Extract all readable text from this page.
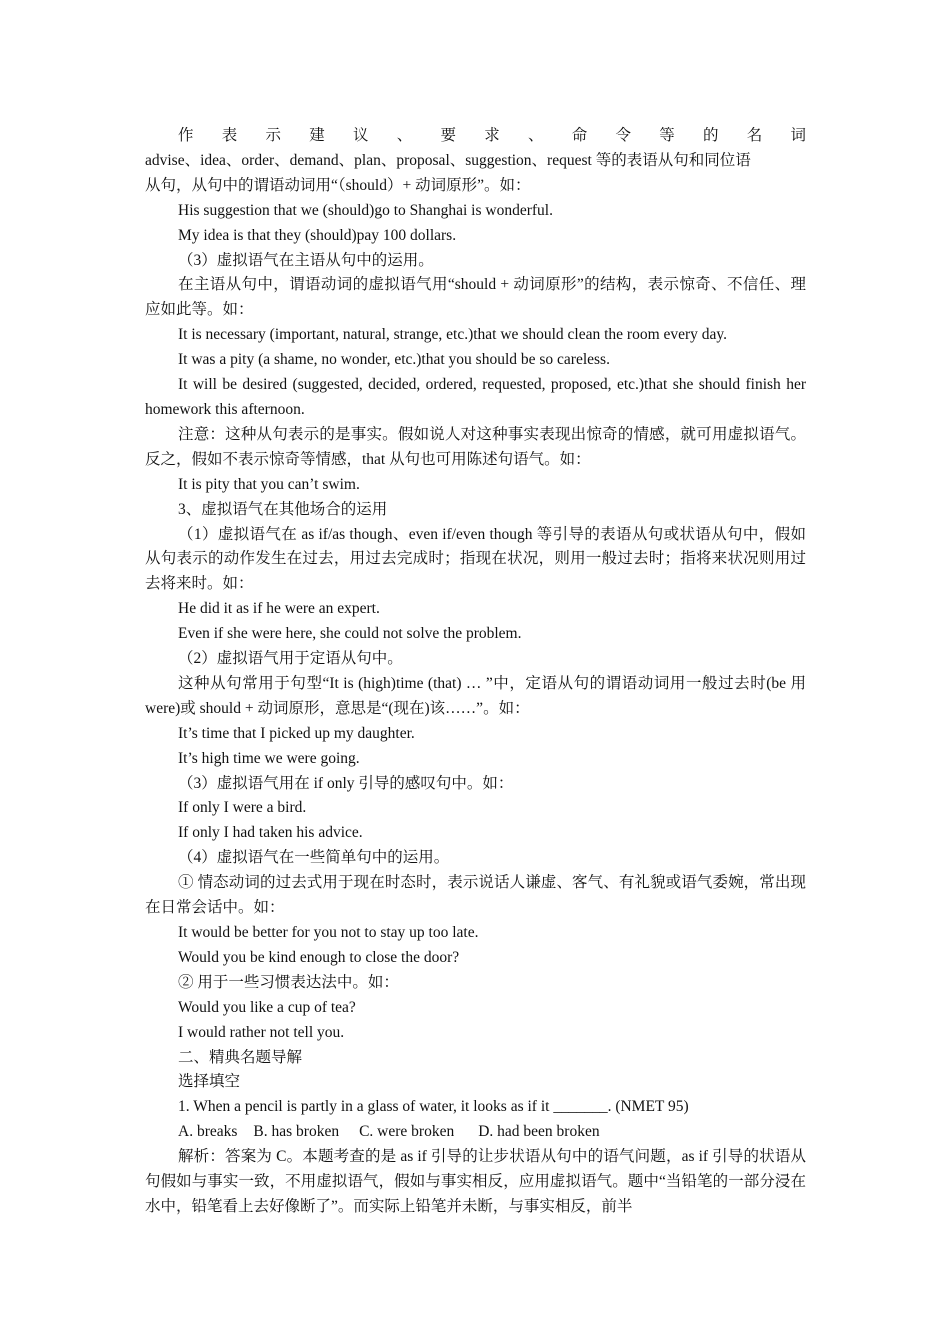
作 表 示 建 议 、 要 求 、 命 令 等 的 名 词

advise、idea、order、demand、plan、proposal、suggestion、request 等的表语从句和同位语

从句，从句中的谓语动词用“（should）+ 动词原形”。如：

His suggestion that we (should)go to Shanghai is wonderful.

My idea is that they (should)pay 100 dollars.

（3）虚拟语气在主语从句中的运用。

在主语从句中，谓语动词的虚拟语气用“should + 动词原形”的结构，表示惊奇、不信任、理应如此等。如：

It is necessary (important, natural, strange, etc.)that we should clean the room every day.

It was a pity (a shame, no wonder, etc.)that you should be so careless.

It will be desired (suggested, decided, ordered, requested, proposed, etc.)that she should finish her homework this afternoon.

注意：这种从句表示的是事实。假如说人对这种事实表现出惊奇的情感，就可用虚拟语气。反之，假如不表示惊奇等情感，that 从句也可用陈述句语气。如：

It is pity that you can’t swim.

3、虚拟语气在其他场合的运用

（1）虚拟语气在 as if/as though、even if/even though 等引导的表语从句或状语从句中，假如从句表示的动作发生在过去，用过去完成时；指现在状况，则用一般过去时；指将来状况则用过去将来时。如：

He did it as if he were an expert.

Even if she were here, she could not solve the problem.

（2）虚拟语气用于定语从句中。

这种从句常用于句型“It is (high)time (that) … ”中，定语从句的谓语动词用一般过去时(be 用 were)或 should + 动词原形，意思是“(现在)该……”。如：

It’s time that I picked up my daughter.

It’s high time we were going.

（3）虚拟语气用在 if only 引导的感叹句中。如：

If only I were a bird.

If only I had taken his advice.

（4）虚拟语气在一些简单句中的运用。

① 情态动词的过去式用于现在时态时，表示说话人谦虚、客气、有礼貌或语气委婉，常出现在日常会话中。如：

It would be better for you not to stay up too late.

Would you be kind enough to close the door?

② 用于一些习惯表达法中。如：

Would you like a cup of tea?

I would rather not tell you.

二、精典名题导解

选择填空

1. When a pencil is partly in a glass of water, it looks as if it _______. (NMET 95)

A. breaks B. has broken C. were broken D. had been broken

解析：答案为 C。本题考查的是 as if 引导的让步状语从句中的语气问题，as if 引导的状语从句假如与事实一致，不用虚拟语气，假如与事实相反，应用虚拟语气。题中“当铅笔的一部分浸在水中，铅笔看上去好像断了”。而实际上铅笔并未断，与事实相反，前半
